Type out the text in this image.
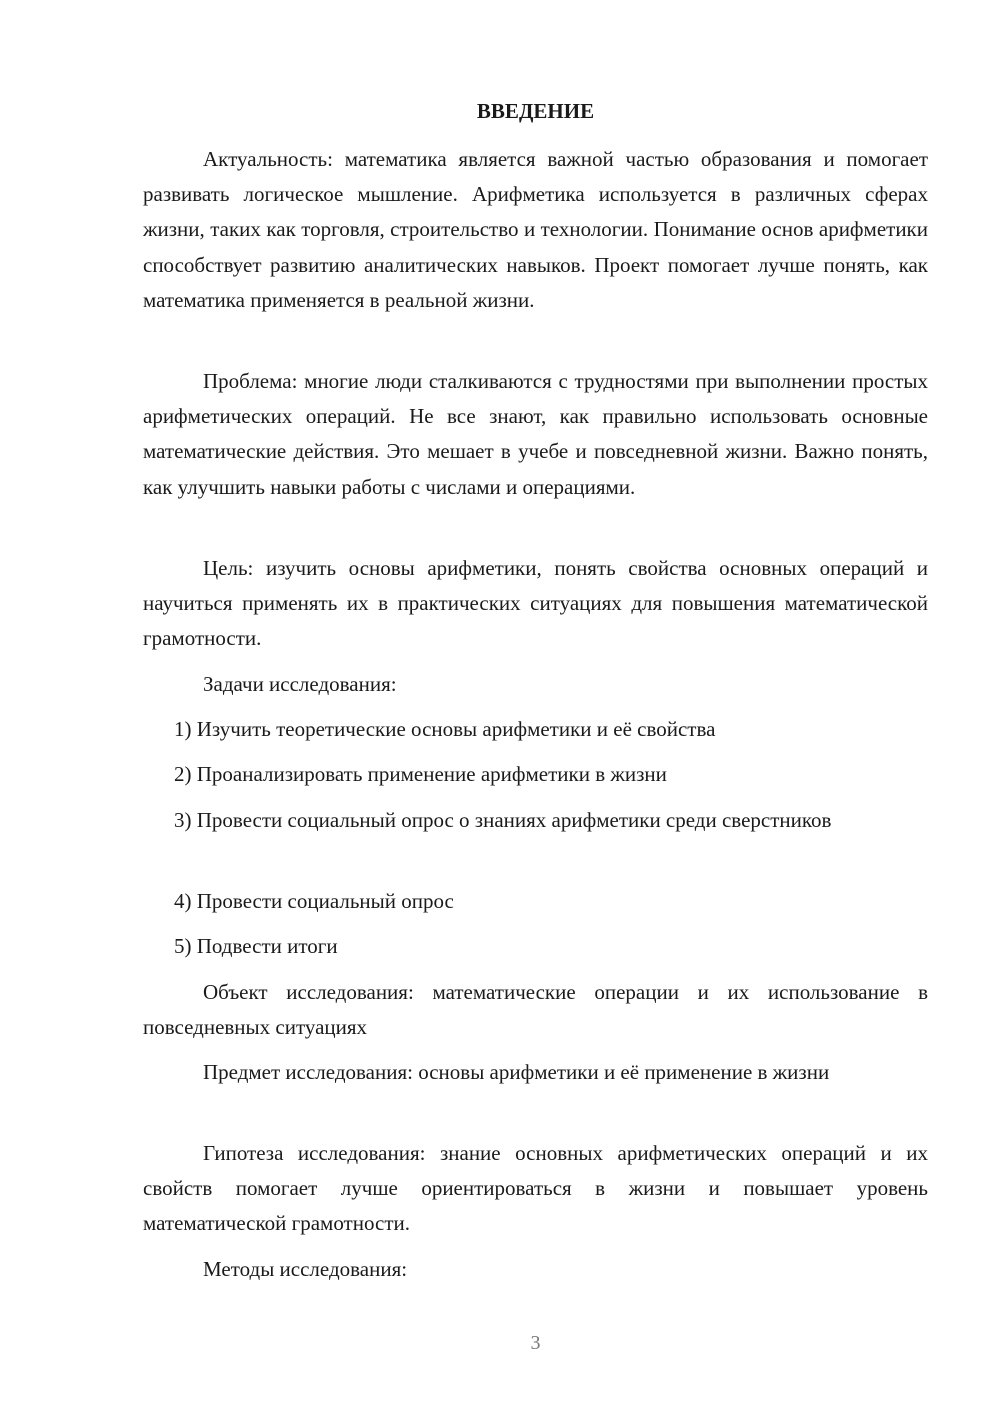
ВВЕДЕНИЕ

Актуальность: математика является важной частью образования и помогает развивать логическое мышление. Арифметика используется в различных сферах жизни, таких как торговля, строительство и технологии. Понимание основ арифметики способствует развитию аналитических навыков. Проект помогает лучше понять, как математика применяется в реальной жизни.

Проблема: многие люди сталкиваются с трудностями при выполнении простых арифметических операций. Не все знают, как правильно использовать основные математические действия. Это мешает в учебе и повседневной жизни. Важно понять, как улучшить навыки работы с числами и операциями.

Цель: изучить основы арифметики, понять свойства основных операций и научиться применять их в практических ситуациях для повышения математической грамотности.

Задачи исследования:

1) Изучить теоретические основы арифметики и её свойства

2) Проанализировать применение арифметики в жизни

3) Провести социальный опрос о знаниях арифметики среди сверстников

4) Провести социальный опрос

5) Подвести итоги

Объект исследования: математические операции и их использование в повседневных ситуациях

Предмет исследования: основы арифметики и её применение в жизни

Гипотеза исследования: знание основных арифметических операций и их свойств помогает лучше ориентироваться в жизни и повышает уровень математической грамотности.

Методы исследования:

3
